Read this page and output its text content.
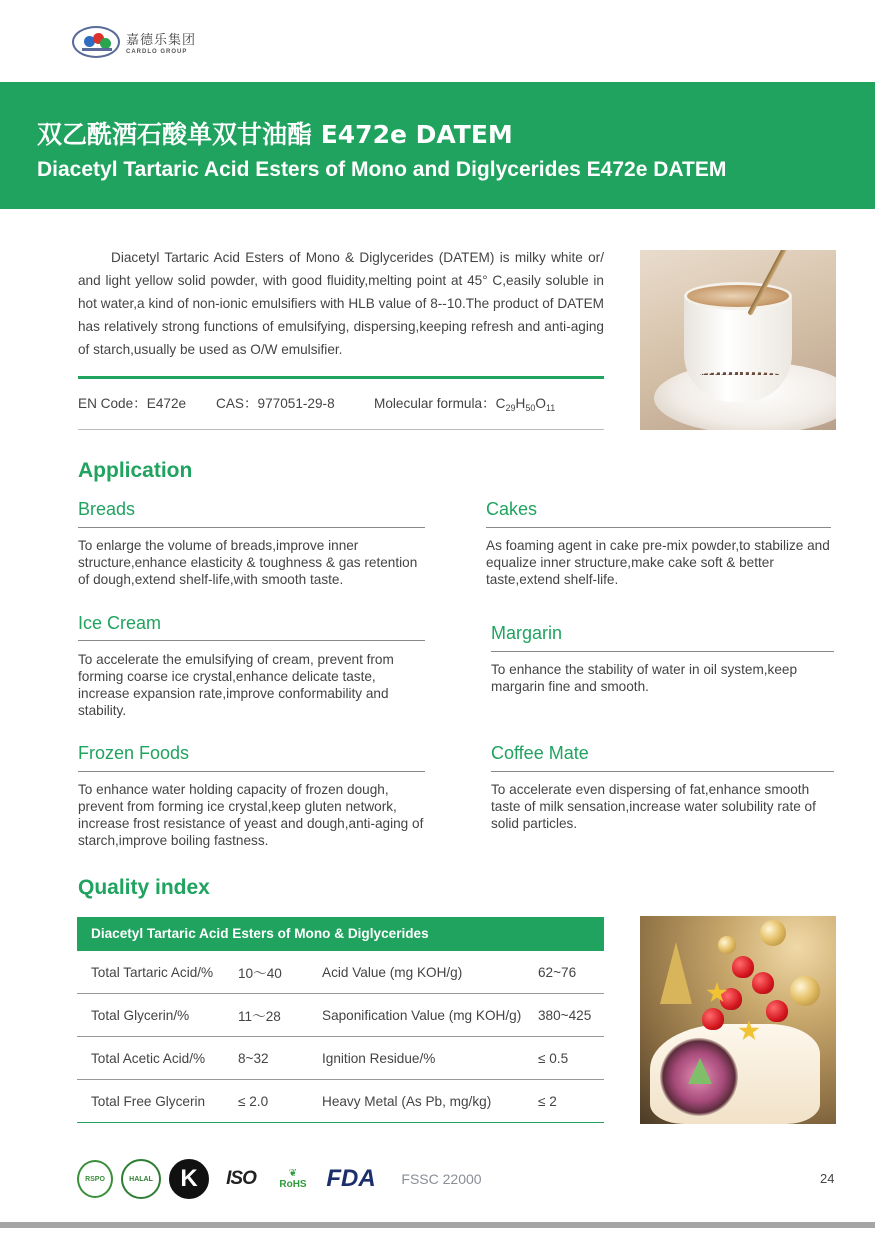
嘉德乐集团
CARDLO GROUP
双乙酰酒石酸单双甘油酯 E472e DATEM
Diacetyl Tartaric Acid Esters of Mono and Diglycerides E472e DATEM

Diacetyl Tartaric Acid Esters of Mono & Diglycerides (DATEM) is milky white or/ and light yellow solid powder, with good fluidity,melting point at 45° C,easily soluble in hot water,a kind of non-ionic emulsifiers with HLB value of 8--10.The product of DATEM has relatively strong functions of emulsifying, dispersing,keeping refresh and anti-aging of starch,usually be used as O/W emulsifier.

EN Code：E472e	CAS：977051-29-8	Molecular formula：$C_{29}H_{50}O_{11}$
Application
Breads
To enlarge the volume of breads,improve inner structure,enhance elasticity & toughness & gas retention of dough,extend shelf-life,with smooth taste.
Cakes
As foaming agent in cake pre-mix powder,to stabilize and equalize inner structure,make cake soft & better taste,extend shelf-life.
Ice Cream
To accelerate the emulsifying of cream, prevent from forming coarse ice crystal,enhance delicate taste, increase expansion rate,improve conformability and stability.
Margarin
To enhance the stability of water in oil system,keep margarin fine and smooth.
Frozen Foods
To enhance water holding capacity of frozen dough, prevent from forming ice crystal,keep gluten network, increase frost resistance of yeast and dough,anti-aging of starch,improve boiling fastness.
Coffee Mate
To accelerate even dispersing of fat,enhance smooth taste of milk sensation,increase water solubility rate of solid particles.
Quality index
Diacetyl Tartaric Acid Esters of Mono & Diglycerides
Total Tartaric Acid/%	10～40	Acid Value (mg KOH/g)	62~76
Total Glycerin/%	11～28	Saponification Value (mg KOH/g)	380~425
Total Acetic Acid/%	8~32	Ignition Residue/%	≤ 0.5
Total Free Glycerin	≤ 2.0	Heavy Metal (As Pb, mg/kg)	≤ 2
RSPO	HALAL	K	ISO	❦
RoHS FDA	FSSC 22000	24
